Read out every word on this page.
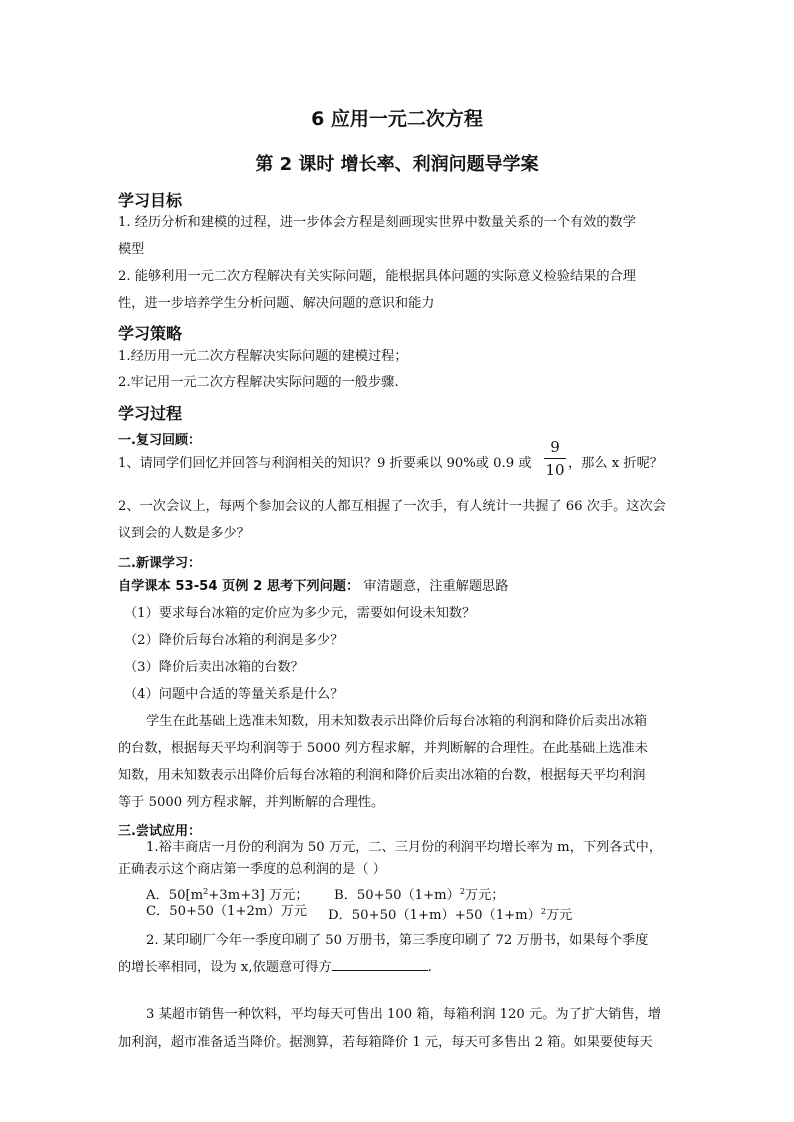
6 应用一元二次方程
第 2 课时 增长率、利润问题导学案
学习目标
1. 经历分析和建模的过程，进一步体会方程是刻画现实世界中数量关系的一个有效的数学
模型
2. 能够利用一元二次方程解决有关实际问题，能根据具体问题的实际意义检验结果的合理
性，进一步培养学生分析问题、解决问题的意识和能力
学习策略
1.经历用一元二次方程解决实际问题的建模过程；
2.牢记用一元二次方程解决实际问题的一般步骤.
学习过程
一.复习回顾：
1、请同学们回忆并回答与利润相关的知识？9 折要乘以 90%或 0.9 或
9
10 ，那么 x 折呢？
2、一次会议上，每两个参加会议的人都互相握了一次手，有人统计一共握了 66 次手。这次会
议到会的人数是多少？
二.新课学习：
自学课本 53-54 页例 2 思考下列问题： 审清题意，注重解题思路
（1）要求每台冰箱的定价应为多少元，需要如何设未知数？
（2）降价后每台冰箱的利润是多少？
（3）降价后卖出冰箱的台数？
（4）问题中合适的等量关系是什么？
学生在此基础上选准未知数，用未知数表示出降价后每台冰箱的利润和降价后卖出冰箱
的台数，根据每天平均利润等于 5000 列方程求解，并判断解的合理性。在此基础上选准未
知数，用未知数表示出降价后每台冰箱的利润和降价后卖出冰箱的台数，根据每天平均利润
等于 5000 列方程求解，并判断解的合理性。
三.尝试应用：
1.裕丰商店一月份的利润为 50 万元，二、三月份的利润平均增长率为 m，下列各式中，
正确表示这个商店第一季度的总利润的是（ ）
A．$50[m^2+3m+3]$ 万元； B．$50+50(1+m)^2$万元；
C．50+50（1+2m）万元 D．$50+50(1+m)+50(1+m)^2$万元
2. 某印刷厂今年一季度印刷了 50 万册书，第三季度印刷了 72 万册书，如果每个季度
的增长率相同，设为 x,依题意可得方	.
3 某超市销售一种饮料，平均每天可售出 100 箱，每箱利润 120 元。为了扩大销售，增
加利润，超市准备适当降价。据测算，若每箱降价 1 元，每天可多售出 2 箱。如果要使每天
